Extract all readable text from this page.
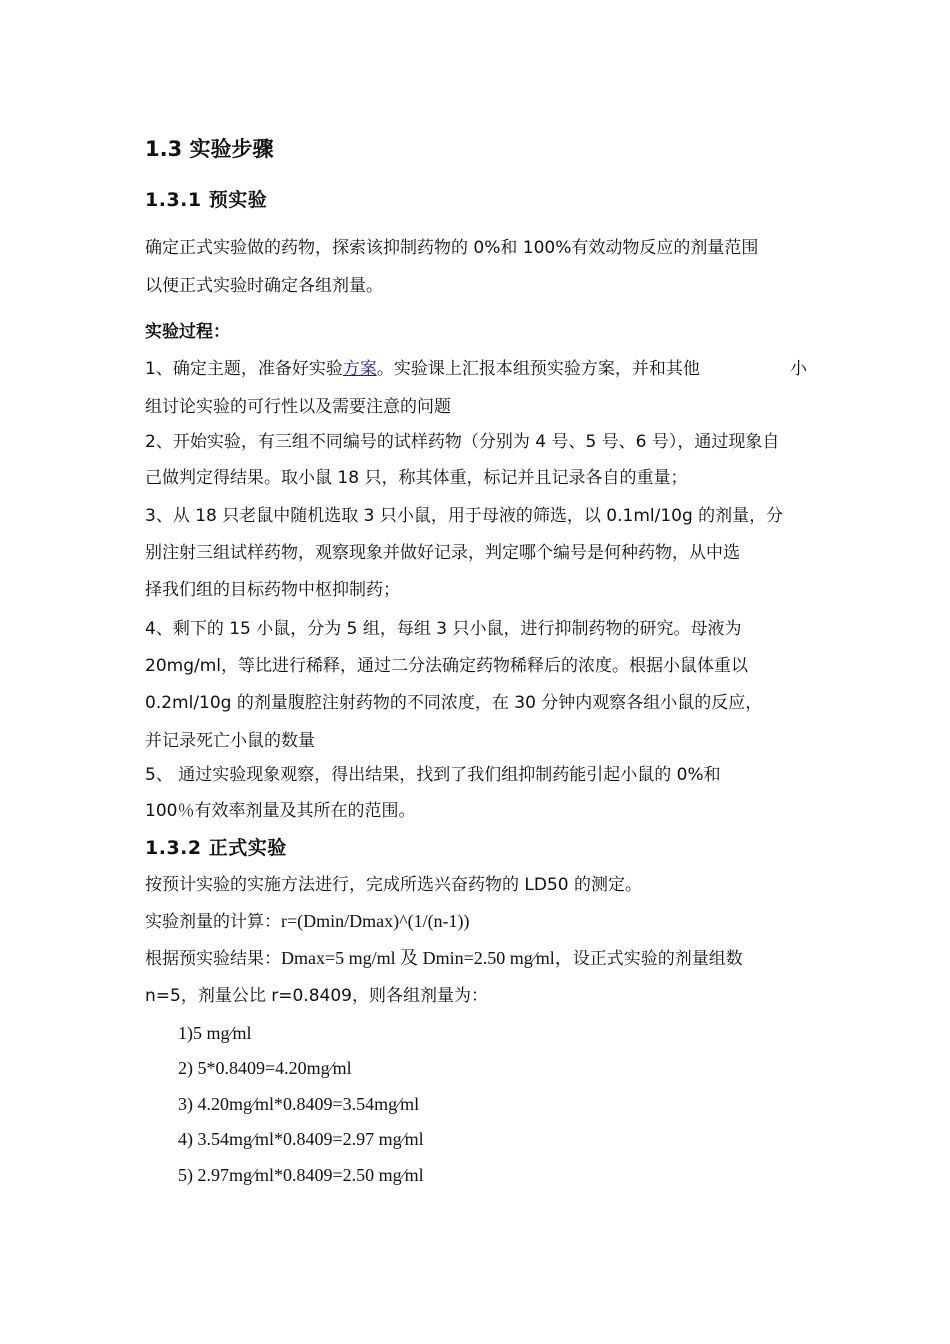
1.3 实验步骤
1.3.1 预实验
确定正式实验做的药物，探索该抑制药物的 0%和 100%有效动物反应的剂量范围
以便正式实验时确定各组剂量。
实验过程：
1、确定主题，准备好实验方案。实验课上汇报本组预实验方案，并和其他	小
组讨论实验的可行性以及需要注意的问题
2、开始实验，有三组不同编号的试样药物（分别为 4 号、5 号、6 号），通过现象自
己做判定得结果。取小鼠 18 只，称其体重，标记并且记录各自的重量；
3、从 18 只老鼠中随机选取 3 只小鼠，用于母液的筛选，以 0.1ml/10g 的剂量，分
别注射三组试样药物，观察现象并做好记录，判定哪个编号是何种药物，从中选
择我们组的目标药物中枢抑制药；
4、剩下的 15 小鼠，分为 5 组，每组 3 只小鼠，进行抑制药物的研究。母液为
20mg/ml，等比进行稀释，通过二分法确定药物稀释后的浓度。根据小鼠体重以
0.2ml/10g 的剂量腹腔注射药物的不同浓度，在 30 分钟内观察各组小鼠的反应，
并记录死亡小鼠的数量
5、 通过实验现象观察，得出结果，找到了我们组抑制药能引起小鼠的 0%和
100％有效率剂量及其所在的范围。
1.3.2 正式实验
按预计实验的实施方法进行，完成所选兴奋药物的 LD50 的测定。
实验剂量的计算：r=(Dmin/Dmax)^(1/(n-1))
根据预实验结果：Dmax=5 mg/ml 及 Dmin=2.50 mg⁄ml，设正式实验的剂量组数
n=5，剂量公比 r=0.8409，则各组剂量为：
1)5 mg⁄ml
2) 5*0.8409=4.20mg⁄ml
3) 4.20mg⁄ml*0.8409=3.54mg⁄ml
4) 3.54mg⁄ml*0.8409=2.97 mg⁄ml
5) 2.97mg⁄ml*0.8409=2.50 mg⁄ml
